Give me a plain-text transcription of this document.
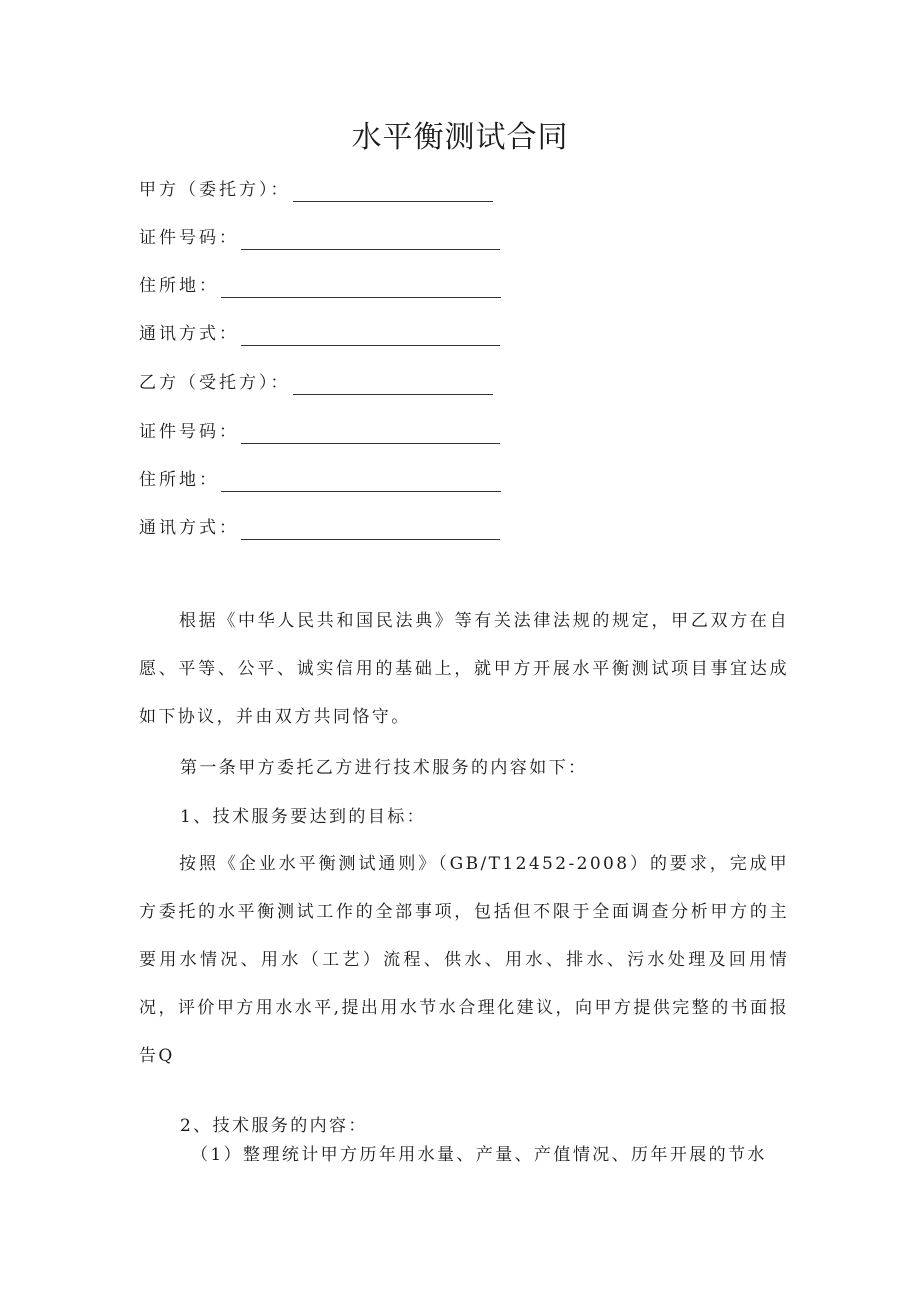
水平衡测试合同
甲方（委托方）：
证件号码：
住所地：
通讯方式：
乙方（受托方）：
证件号码：
住所地：
通讯方式：

根据《中华人民共和国民法典》等有关法律法规的规定，甲乙双方在自愿、平等、公平、诚实信用的基础上，就甲方开展水平衡测试项目事宜达成如下协议，并由双方共同恪守。

第一条甲方委托乙方进行技术服务的内容如下：

1、技术服务要达到的目标：

按照《企业水平衡测试通则》（GB/T12452-2008）的要求，完成甲方委托的水平衡测试工作的全部事项，包括但不限于全面调查分析甲方的主要用水情况、用水（工艺）流程、供水、用水、排水、污水处理及回用情况，评价甲方用水水平,提出用水节水合理化建议，向甲方提供完整的书面报告Q

2、技术服务的内容：

（1）整理统计甲方历年用水量、产量、产值情况、历年开展的节水
